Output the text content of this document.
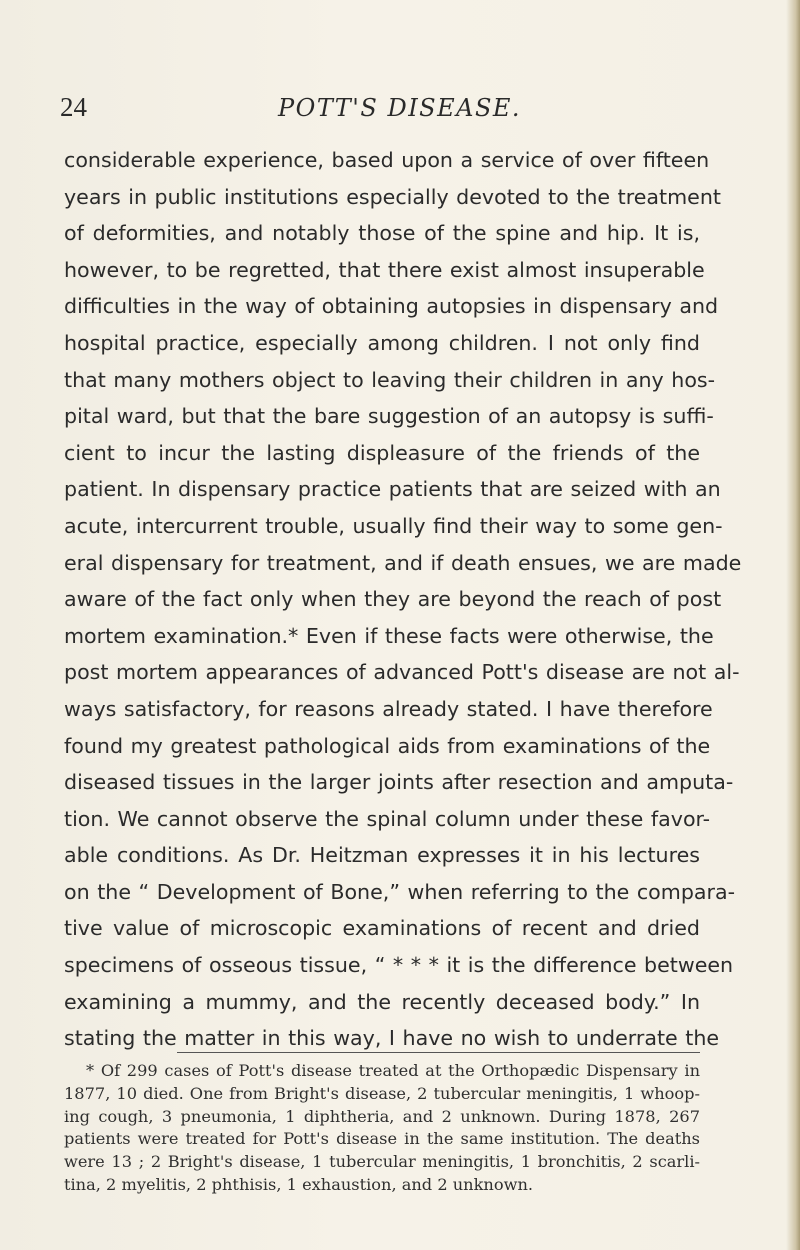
24	POTT'S DISEASE.
considerable experience, based upon a service of over fifteen
years in public institutions especially devoted to the treatment
of deformities, and notably those of the spine and hip. It is,
however, to be regretted, that there exist almost insuperable
difficulties in the way of obtaining autopsies in dispensary and
hospital practice, especially among children. I not only find
that many mothers object to leaving their children in any hos-
pital ward, but that the bare suggestion of an autopsy is suffi-
cient to incur the lasting displeasure of the friends of the
patient. In dispensary practice patients that are seized with an
acute, intercurrent trouble, usually find their way to some gen-
eral dispensary for treatment, and if death ensues, we are made
aware of the fact only when they are beyond the reach of post
mortem examination.* Even if these facts were otherwise, the
post mortem appearances of advanced Pott's disease are not al-
ways satisfactory, for reasons already stated. I have therefore
found my greatest pathological aids from examinations of the
diseased tissues in the larger joints after resection and amputa-
tion. We cannot observe the spinal column under these favor-
able conditions. As Dr. Heitzman expresses it in his lectures
on the “ Development of Bone,” when referring to the compara-
tive value of microscopic examinations of recent and dried
specimens of osseous tissue, “ * * * it is the difference between
examining a mummy, and the recently deceased body.” In
stating the matter in this way, I have no wish to underrate the
* Of 299 cases of Pott's disease treated at the Orthopædic Dispensary in
1877, 10 died. One from Bright's disease, 2 tubercular meningitis, 1 whoop-
ing cough, 3 pneumonia, 1 diphtheria, and 2 unknown. During 1878, 267
patients were treated for Pott's disease in the same institution. The deaths
were 13 ; 2 Bright's disease, 1 tubercular meningitis, 1 bronchitis, 2 scarli-
tina, 2 myelitis, 2 phthisis, 1 exhaustion, and 2 unknown.
